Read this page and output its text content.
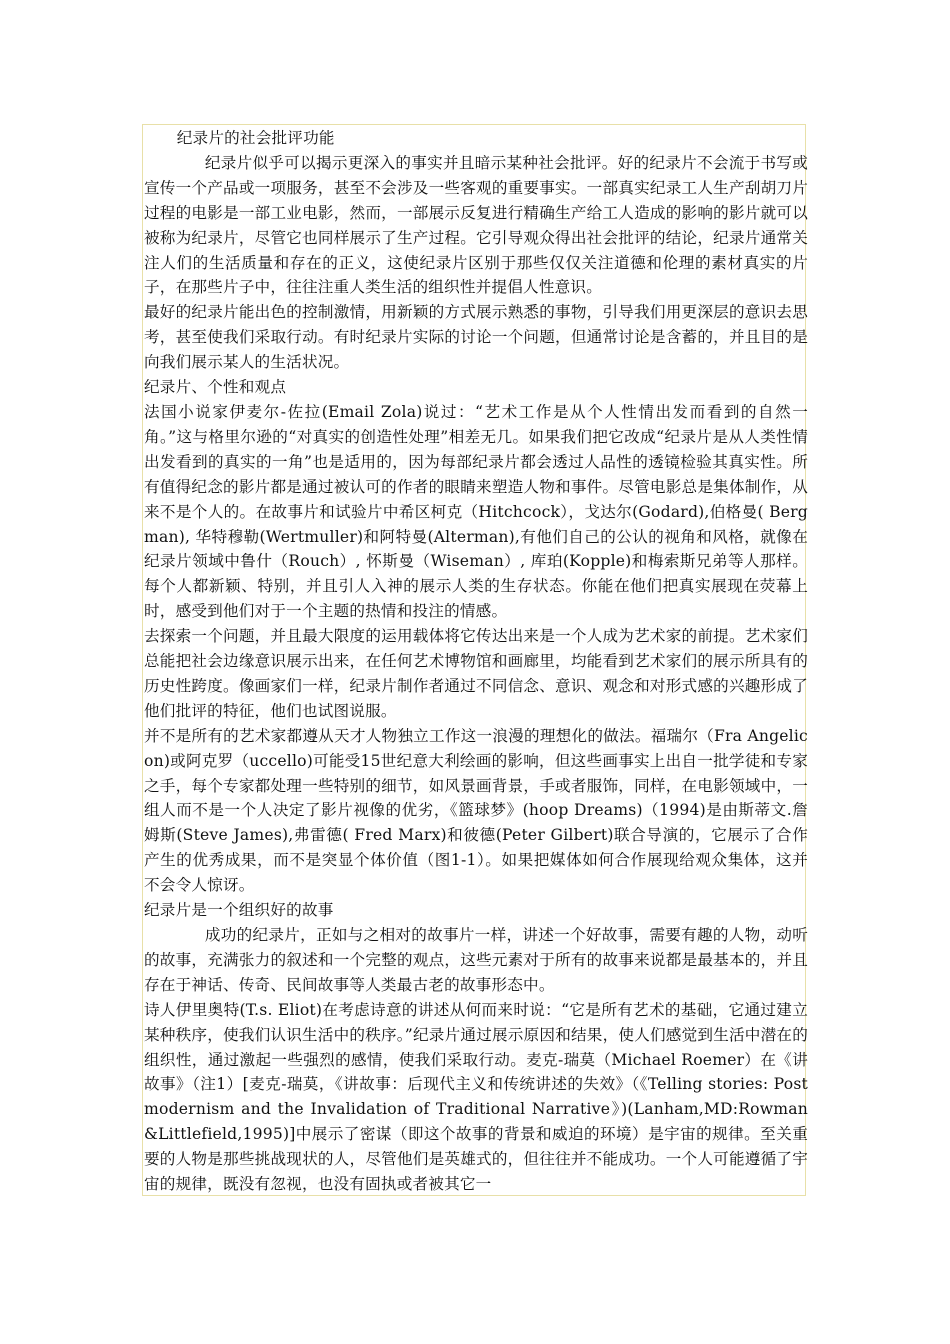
纪录片的社会批评功能

纪录片似乎可以揭示更深入的事实并且暗示某种社会批评。好的纪录片不会流于书写或宣传一个产品或一项服务，甚至不会涉及一些客观的重要事实。一部真实纪录工人生产刮胡刀片过程的电影是一部工业电影，然而，一部展示反复进行精确生产给工人造成的影响的影片就可以被称为纪录片，尽管它也同样展示了生产过程。它引导观众得出社会批评的结论，纪录片通常关注人们的生活质量和存在的正义，这使纪录片区别于那些仅仅关注道德和伦理的素材真实的片子，在那些片子中，往往注重人类生活的组织性并提倡人性意识。

最好的纪录片能出色的控制激情，用新颖的方式展示熟悉的事物，引导我们用更深层的意识去思考，甚至使我们采取行动。有时纪录片实际的讨论一个问题，但通常讨论是含蓄的，并且目的是向我们展示某人的生活状况。

纪录片、个性和观点

法国小说家伊麦尔-佐拉(Email Zola)说过：“艺术工作是从个人性情出发而看到的自然一角。”这与格里尔逊的“对真实的创造性处理”相差无几。如果我们把它改成“纪录片是从人类性情出发看到的真实的一角”也是适用的，因为每部纪录片都会透过人品性的透镜检验其真实性。所有值得纪念的影片都是通过被认可的作者的眼睛来塑造人物和事件。尽管电影总是集体制作，从来不是个人的。在故事片和试验片中希区柯克（Hitchcock），戈达尔(Godard),伯格曼( Bergman), 华特穆勒(Wertmuller)和阿特曼(Alterman),有他们自己的公认的视角和风格，就像在纪录片领域中鲁什（Rouch）, 怀斯曼（Wiseman）, 库珀(Kopple)和梅索斯兄弟等人那样。每个人都新颖、特别，并且引人入神的展示人类的生存状态。你能在他们把真实展现在荧幕上时，感受到他们对于一个主题的热情和投注的情感。

去探索一个问题，并且最大限度的运用载体将它传达出来是一个人成为艺术家的前提。艺术家们总能把社会边缘意识展示出来，在任何艺术博物馆和画廊里，均能看到艺术家们的展示所具有的历史性跨度。像画家们一样，纪录片制作者通过不同信念、意识、观念和对形式感的兴趣形成了他们批评的特征，他们也试图说服。

并不是所有的艺术家都遵从天才人物独立工作这一浪漫的理想化的做法。福瑞尔（Fra Angelicon)或阿克罗（uccello)可能受15世纪意大利绘画的影响，但这些画事实上出自一批学徒和专家之手，每个专家都处理一些特别的细节，如风景画背景，手或者服饰，同样，在电影领域中，一组人而不是一个人决定了影片视像的优劣，《篮球梦》(hoop Dreams)（1994)是由斯蒂文.詹姆斯(Steve James),弗雷德( Fred Marx)和彼德(Peter Gilbert)联合导演的，它展示了合作产生的优秀成果，而不是突显个体价值（图1-1）。如果把媒体如何合作展现给观众集体，这并不会令人惊讶。

纪录片是一个组织好的故事

成功的纪录片，正如与之相对的故事片一样，讲述一个好故事，需要有趣的人物，动听的故事，充满张力的叙述和一个完整的观点，这些元素对于所有的故事来说都是最基本的，并且存在于神话、传奇、民间故事等人类最古老的故事形态中。

诗人伊里奥特(T.s. Eliot)在考虑诗意的讲述从何而来时说：“它是所有艺术的基础，它通过建立某种秩序，使我们认识生活中的秩序。”纪录片通过展示原因和结果，使人们感觉到生活中潜在的组织性，通过激起一些强烈的感情，使我们采取行动。麦克-瑞莫（Michael Roemer）在《讲故事》（注1）[麦克-瑞莫，《讲故事：后现代主义和传统讲述的失效》（《Telling stories: Postmodernism and the Invalidation of Traditional Narrative》)(Lanham,MD:Rowman&Littlefield,1995)]中展示了密谋（即这个故事的背景和威迫的环境）是宇宙的规律。至关重要的人物是那些挑战现状的人，尽管他们是英雄式的，但往往并不能成功。一个人可能遵循了宇宙的规律，既没有忽视，也没有固执或者被其它一
